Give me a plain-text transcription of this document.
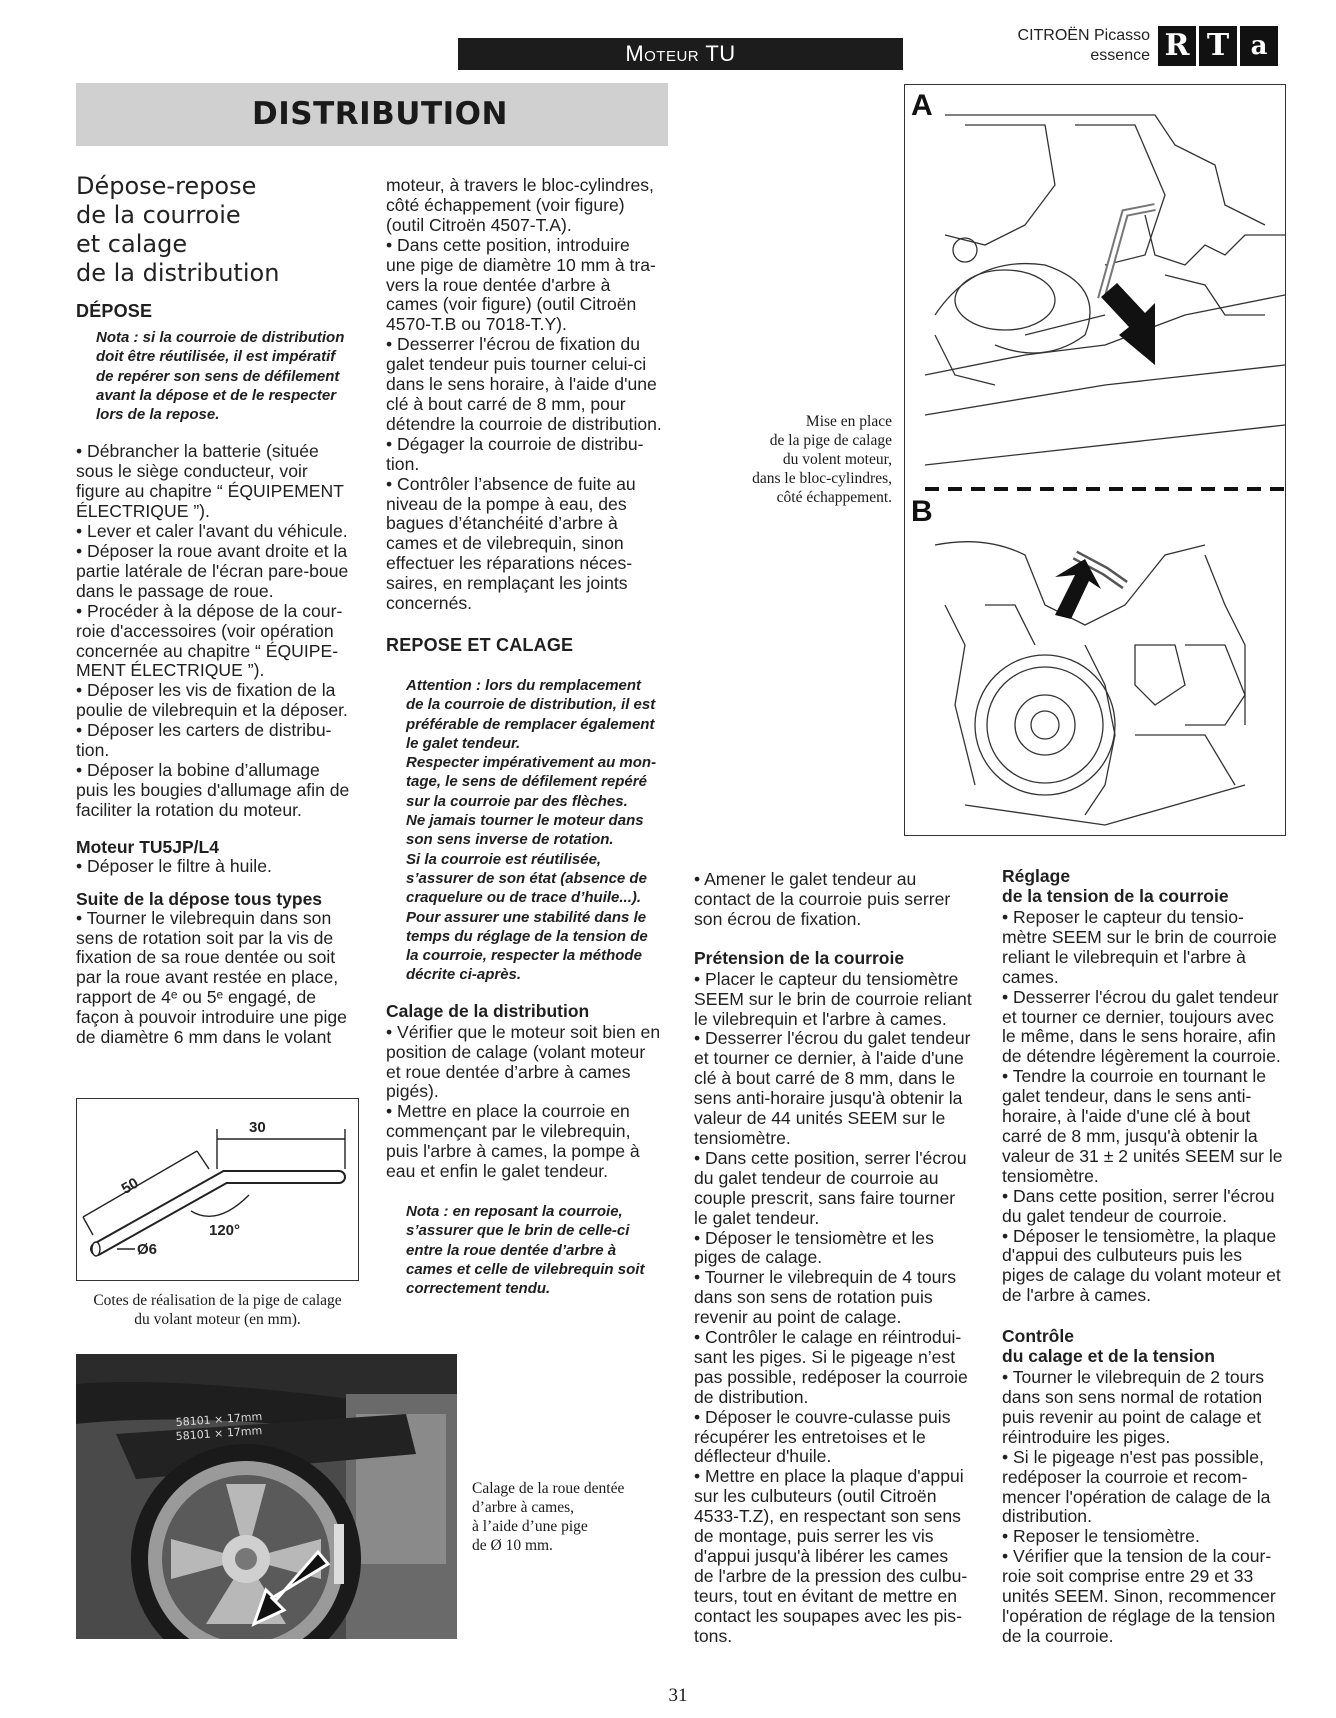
Moteur TU
CITROËN Picasso
essence R T a
DISTRIBUTION

Dépose-repose

de la courroie

et calage

de la distribution

DÉPOSE

Nota : si la courroie de distribution

doit être réutilisée, il est impératif

de repérer son sens de défilement

avant la dépose et de le respecter

lors de la repose.

• Débrancher la batterie (située

sous le siège conducteur, voir

figure au chapitre “ ÉQUIPEMENT

ÉLECTRIQUE ”).

• Lever et caler l'avant du véhicule.

• Déposer la roue avant droite et la

partie latérale de l'écran pare-boue

dans le passage de roue.

• Procéder à la dépose de la cour-

roie d'accessoires (voir opération

concernée au chapitre “ ÉQUIPE-

MENT ÉLECTRIQUE ”).

• Déposer les vis de fixation de la

poulie de vilebrequin et la déposer.

• Déposer les carters de distribu-

tion.

• Déposer la bobine d’allumage

puis les bougies d'allumage afin de

faciliter la rotation du moteur.

Moteur TU5JP/L4

• Déposer le filtre à huile.

Suite de la dépose tous types

• Tourner le vilebrequin dans son

sens de rotation soit par la vis de

fixation de sa roue dentée ou soit

par la roue avant restée en place,

rapport de 4ᵉ ou 5ᵉ engagé, de

façon à pouvoir introduire une pige

de diamètre 6 mm dans le volant

30
50
120°
Ø6
Cotes de réalisation de la pige de calage
du volant moteur (en mm).
58101 × 17mm
58101 × 17mm
Calage de la roue dentée
d’arbre à cames,
à l’aide d’une pige
de Ø 10 mm.

moteur, à travers le bloc-cylindres,

côté échappement (voir figure)

(outil Citroën 4507-T.A).

• Dans cette position, introduire

une pige de diamètre 10 mm à tra-

vers la roue dentée d'arbre à

cames (voir figure) (outil Citroën

4570-T.B ou 7018-T.Y).

• Desserrer l'écrou de fixation du

galet tendeur puis tourner celui-ci

dans le sens horaire, à l'aide d'une

clé à bout carré de 8 mm, pour

détendre la courroie de distribution.

• Dégager la courroie de distribu-

tion.

• Contrôler l’absence de fuite au

niveau de la pompe à eau, des

bagues d’étanchéité d’arbre à

cames et de vilebrequin, sinon

effectuer les réparations néces-

saires, en remplaçant les joints

concernés.

REPOSE ET CALAGE

Attention : lors du remplacement

de la courroie de distribution, il est

préférable de remplacer également

le galet tendeur.

Respecter impérativement au mon-

tage, le sens de défilement repéré

sur la courroie par des flèches.

Ne jamais tourner le moteur dans

son sens inverse de rotation.

Si la courroie est réutilisée,

s’assurer de son état (absence de

craquelure ou de trace d’huile...).

Pour assurer une stabilité dans le

temps du réglage de la tension de

la courroie, respecter la méthode

décrite ci-après.

Calage de la distribution

• Vérifier que le moteur soit bien en

position de calage (volant moteur

et roue dentée d’arbre à cames

pigés).

• Mettre en place la courroie en

commençant par le vilebrequin,

puis l'arbre à cames, la pompe à

eau et enfin le galet tendeur.

Nota : en reposant la courroie,

s’assurer que le brin de celle-ci

entre la roue dentée d’arbre à

cames et celle de vilebrequin soit

correctement tendu.

A
B
Mise en place
de la pige de calage
du volent moteur,
dans le bloc-cylindres,
côté échappement.

• Amener le galet tendeur au

contact de la courroie puis serrer

son écrou de fixation.

Prétension de la courroie

• Placer le capteur du tensiomètre

SEEM sur le brin de courroie reliant

le vilebrequin et l'arbre à cames.

• Desserrer l'écrou du galet tendeur

et tourner ce dernier, à l'aide d'une

clé à bout carré de 8 mm, dans le

sens anti-horaire jusqu'à obtenir la

valeur de 44 unités SEEM sur le

tensiomètre.

• Dans cette position, serrer l'écrou

du galet tendeur de courroie au

couple prescrit, sans faire tourner

le galet tendeur.

• Déposer le tensiomètre et les

piges de calage.

• Tourner le vilebrequin de 4 tours

dans son sens de rotation puis

revenir au point de calage.

• Contrôler le calage en réintrodui-

sant les piges. Si le pigeage n’est

pas possible, redéposer la courroie

de distribution.

• Déposer le couvre-culasse puis

récupérer les entretoises et le

déflecteur d'huile.

• Mettre en place la plaque d'appui

sur les culbuteurs (outil Citroën

4533-T.Z), en respectant son sens

de montage, puis serrer les vis

d'appui jusqu'à libérer les cames

de l'arbre de la pression des culbu-

teurs, tout en évitant de mettre en

contact les soupapes avec les pis-

tons.

Réglage

de la tension de la courroie

• Reposer le capteur du tensio-

mètre SEEM sur le brin de courroie

reliant le vilebrequin et l'arbre à

cames.

• Desserrer l'écrou du galet tendeur

et tourner ce dernier, toujours avec

le même, dans le sens horaire, afin

de détendre légèrement la courroie.

• Tendre la courroie en tournant le

galet tendeur, dans le sens anti-

horaire, à l'aide d'une clé à bout

carré de 8 mm, jusqu'à obtenir la

valeur de 31 ± 2 unités SEEM sur le

tensiomètre.

• Dans cette position, serrer l'écrou

du galet tendeur de courroie.

• Déposer le tensiomètre, la plaque

d'appui des culbuteurs puis les

piges de calage du volant moteur et

de l'arbre à cames.

Contrôle

du calage et de la tension

• Tourner le vilebrequin de 2 tours

dans son sens normal de rotation

puis revenir au point de calage et

réintroduire les piges.

• Si le pigeage n'est pas possible,

redéposer la courroie et recom-

mencer l'opération de calage de la

distribution.

• Reposer le tensiomètre.

• Vérifier que la tension de la cour-

roie soit comprise entre 29 et 33

unités SEEM. Sinon, recommencer

l'opération de réglage de la tension

de la courroie.

31
